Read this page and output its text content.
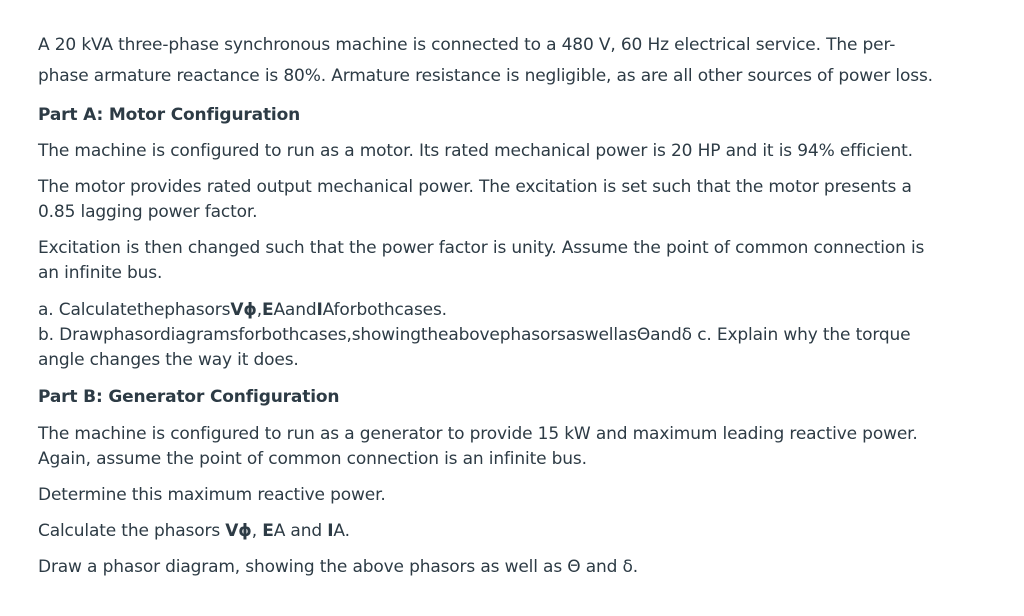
A 20 kVA three-phase synchronous machine is connected to a 480 V, 60 Hz electrical service. The per-
phase armature reactance is 80%. Armature resistance is negligible, as are all other sources of power loss.
Part A: Motor Configuration
The machine is configured to run as a motor. Its rated mechanical power is 20 HP and it is 94% efficient.
The motor provides rated output mechanical power. The excitation is set such that the motor presents a
0.85 lagging power factor.
Excitation is then changed such that the power factor is unity. Assume the point of common connection is
an infinite bus.
a. CalculatethephasorsVϕ,EAandIAforbothcases.
b. Drawphasordiagramsforbothcases,showingtheabovephasorsaswellasΘandδ c. Explain why the torque
angle changes the way it does.
Part B: Generator Configuration
The machine is configured to run as a generator to provide 15 kW and maximum leading reactive power.
Again, assume the point of common connection is an infinite bus.
Determine this maximum reactive power.
Calculate the phasors Vϕ, EA and IA.
Draw a phasor diagram, showing the above phasors as well as Θ and δ.
